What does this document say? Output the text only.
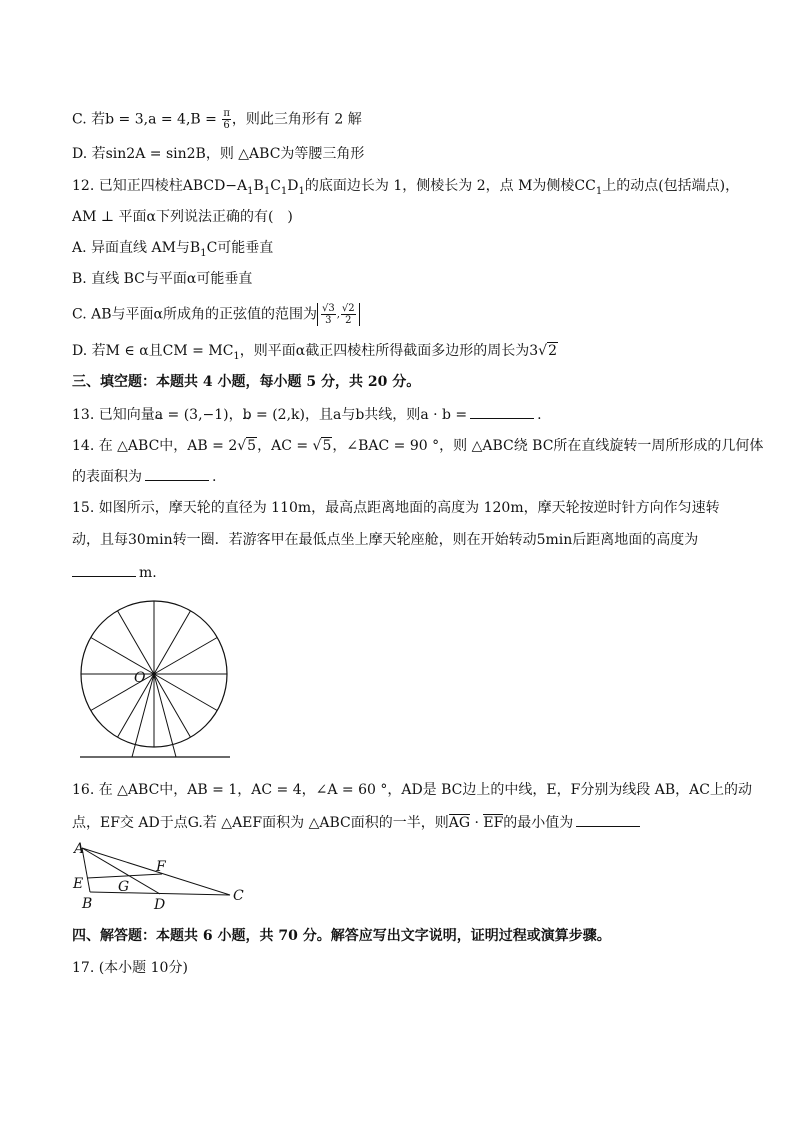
C. 若$b = 3,a = 4,B = \frac{\pi}{6}$ ，则此三角形有 2 解
D. 若sin2A = sin2B，则 △ABC为等腰三角形
12. 已知正四棱柱$ABCD-A_1B_1C_1D_1$的底面边长为 1，侧棱长为 2，点 M为侧棱$CC_1$上的动点(包括端点)，
AM ⊥ 平面α下列说法正确的有(　)
A. 异面直线 AM与$B_1C$可能垂直
B. 直线 BC与平面α可能垂直
C. AB与平面α所成角的正弦值的范围为 $\frac{√3}{3}$ , $\frac{√2}{2}$
D. 若M ∈ α且CM = $MC_1$，则平面α截正四棱柱所得截面多边形的周长为3√2
三、填空题：本题共 4 小题，每小题 5 分，共 20 分。
13. 已知向量a = (3,−1)，b = (2,k)，且a与b共线，则a · b =	.
14. 在 △ABC中，AB = 2√5，AC = √5，∠BAC = 90 °，则 △ABC绕 BC所在直线旋转一周所形成的几何体
的表面积为	.
15. 如图所示，摩天轮的直径为 110m，最高点距离地面的高度为 120m，摩天轮按逆时针方向作匀速转
动，且每30min转一圈．若游客甲在最低点坐上摩天轮座舱，则在开始转动5min后距离地面的高度为
m.
O
16. 在 △ABC中，AB = 1，AC = 4，∠A = 60 °，AD是 BC边上的中线，E，F分别为线段 AB，AC上的动
点，EF交 AD于点G.若 △AEF面积为 △ABC面积的一半，则AG · EF的最小值为
A
B	C
D
E
F
G
四、解答题：本题共 6 小题，共 70 分。解答应写出文字说明，证明过程或演算步骤。
17. (本小题 10分)
